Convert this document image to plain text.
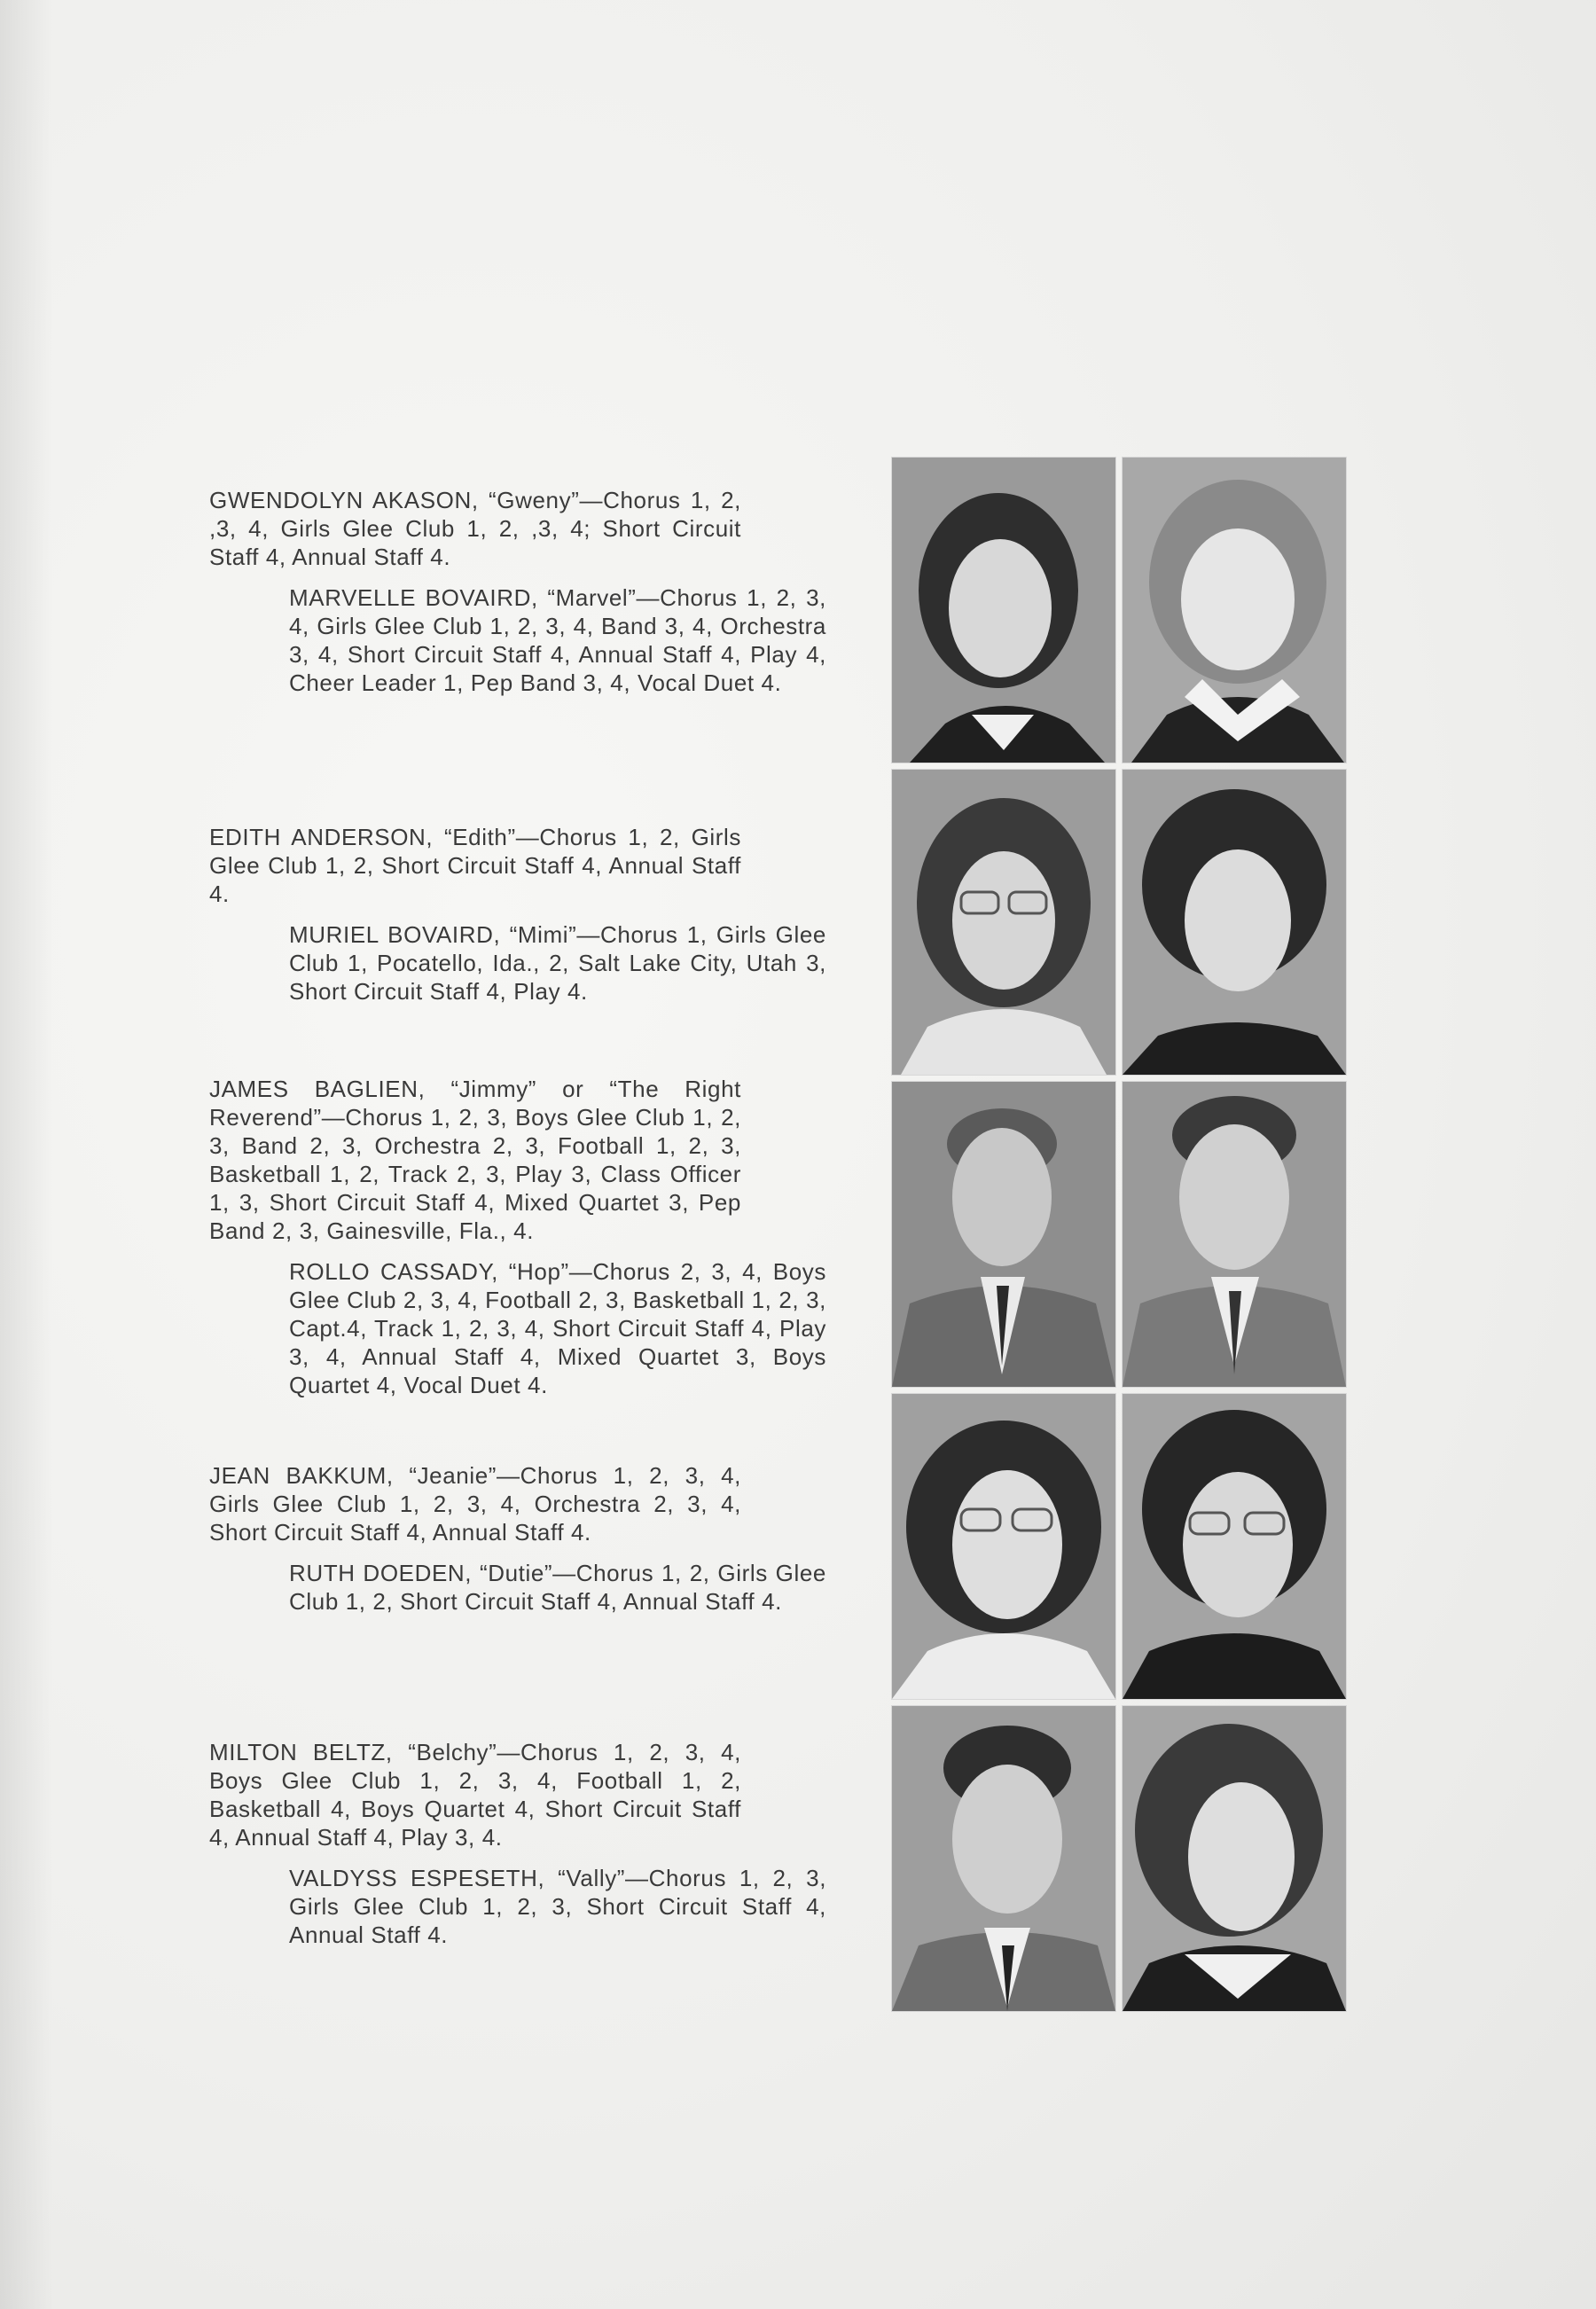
GWENDOLYN AKASON, “Gweny”—Chorus 1, 2, ,3, 4, Girls Glee Club 1, 2, ,3, 4; Short Circuit Staff 4, Annual Staff 4.

MARVELLE BOVAIRD, “Marvel”—Chorus 1, 2, 3, 4, Girls Glee Club 1, 2, 3, 4, Band 3, 4, Orchestra 3, 4, Short Circuit Staff 4, Annual Staff 4, Play 4, Cheer Leader 1, Pep Band 3, 4, Vocal Duet 4.

EDITH ANDERSON, “Edith”—Chorus 1, 2, Girls Glee Club 1, 2, Short Circuit Staff 4, Annual Staff 4.

MURIEL BOVAIRD, “Mimi”—Chorus 1, Girls Glee Club 1, Pocatello, Ida., 2, Salt Lake City, Utah 3, Short Circuit Staff 4, Play 4.

JAMES BAGLIEN, “Jimmy” or “The Right Reverend”—Chorus 1, 2, 3, Boys Glee Club 1, 2, 3, Band 2, 3, Orchestra 2, 3, Football 1, 2, 3, Basketball 1, 2, Track 2, 3, Play 3, Class Officer 1, 3, Short Circuit Staff 4, Mixed Quartet 3, Pep Band 2, 3, Gainesville, Fla., 4.

ROLLO CASSADY, “Hop”—Chorus 2, 3, 4, Boys Glee Club 2, 3, 4, Football 2, 3, Basketball 1, 2, 3, Capt.4, Track 1, 2, 3, 4, Short Circuit Staff 4, Play 3, 4, Annual Staff 4, Mixed Quartet 3, Boys Quartet 4, Vocal Duet 4.

JEAN BAKKUM, “Jeanie”—Chorus 1, 2, 3, 4, Girls Glee Club 1, 2, 3, 4, Orchestra 2, 3, 4, Short Circuit Staff 4, Annual Staff 4.

RUTH DOEDEN, “Dutie”—Chorus 1, 2, Girls Glee Club 1, 2, Short Circuit Staff 4, Annual Staff 4.

MILTON BELTZ, “Belchy”—Chorus 1, 2, 3, 4, Boys Glee Club 1, 2, 3, 4, Football 1, 2, Basketball 4, Boys Quartet 4, Short Circuit Staff 4, Annual Staff 4, Play 3, 4.

VALDYSS ESPESETH, “Vally”—Chorus 1, 2, 3, Girls Glee Club 1, 2, 3, Short Circuit Staff 4, Annual Staff 4.
